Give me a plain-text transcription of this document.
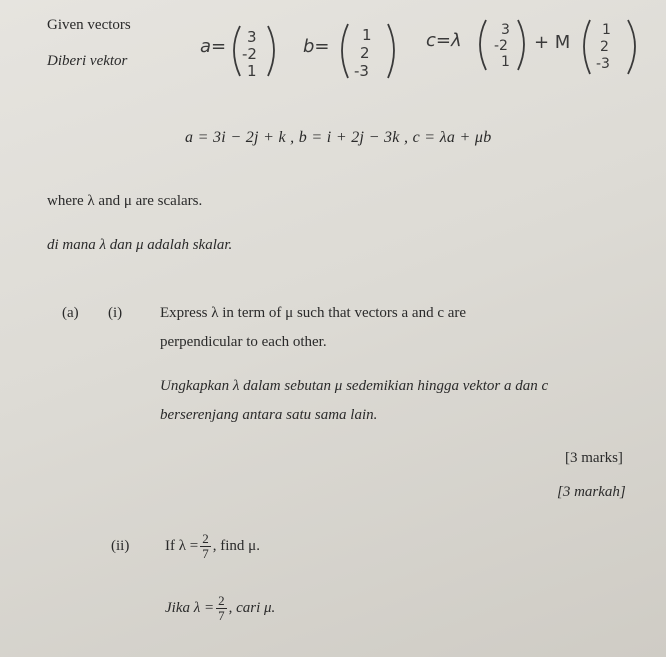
Given vectors
Diberi vektor
a= 3
-2
1
b=
1
2
-3
c=λ	3
-2
1
+ M
1
2
-3
a = 3i − 2j + k , b = i + 2j − 3k , c = λa + μb
where λ and μ are scalars.
di mana λ dan μ adalah skalar.
(a) (i)	Express λ in term of μ such that vectors a and c are
perpendicular to each other.
Ungkapkan λ dalam sebutan μ sedemikian hingga vektor a dan c
berserenjang antara satu sama lain.
[3 marks]
[3 markah]
(ii) If $\lambda = \frac{2}{7}$ , find μ.
Jika $\lambda = \frac{2}{7}$ , cari μ.
